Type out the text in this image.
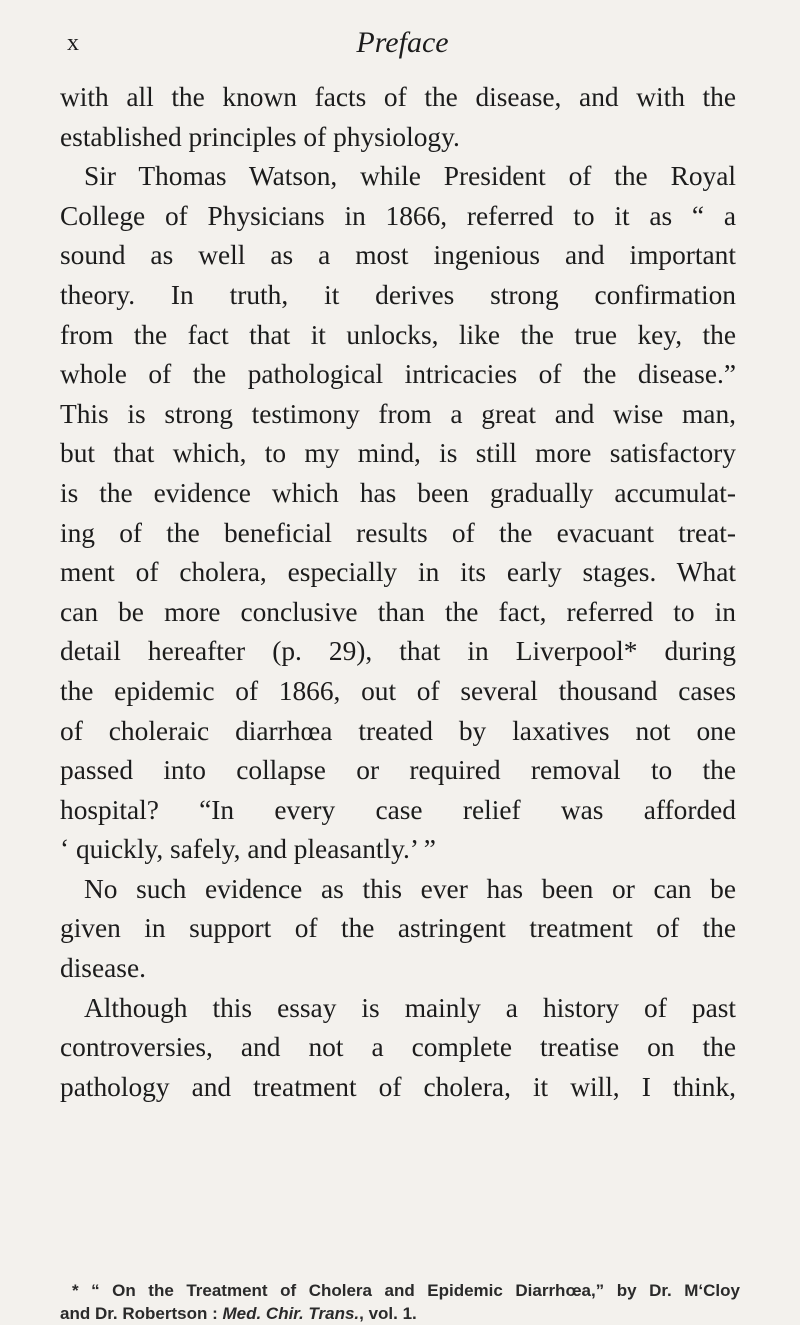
x	Preface
with all the known facts of the disease, and with the
established principles of physiology.
Sir Thomas Watson, while President of the Royal
College of Physicians in 1866, referred to it as “ a
sound as well as a most ingenious and important
theory. In truth, it derives strong confirmation
from the fact that it unlocks, like the true key, the
whole of the pathological intricacies of the disease.”
This is strong testimony from a great and wise man,
but that which, to my mind, is still more satisfactory
is the evidence which has been gradually accumulat-
ing of the beneficial results of the evacuant treat-
ment of cholera, especially in its early stages. What
can be more conclusive than the fact, referred to in
detail hereafter (p. 29), that in Liverpool* during
the epidemic of 1866, out of several thousand cases
of choleraic diarrhœa treated by laxatives not one
passed into collapse or required removal to the
hospital? “In every case relief was afforded
‘ quickly, safely, and pleasantly.’ ”
No such evidence as this ever has been or can be
given in support of the astringent treatment of the
disease.
Although this essay is mainly a history of past
controversies, and not a complete treatise on the
pathology and treatment of cholera, it will, I think,
* “ On the Treatment of Cholera and Epidemic Diarrhœa,” by Dr. M‘Cloy
and Dr. Robertson : Med. Chir. Trans., vol. 1.
